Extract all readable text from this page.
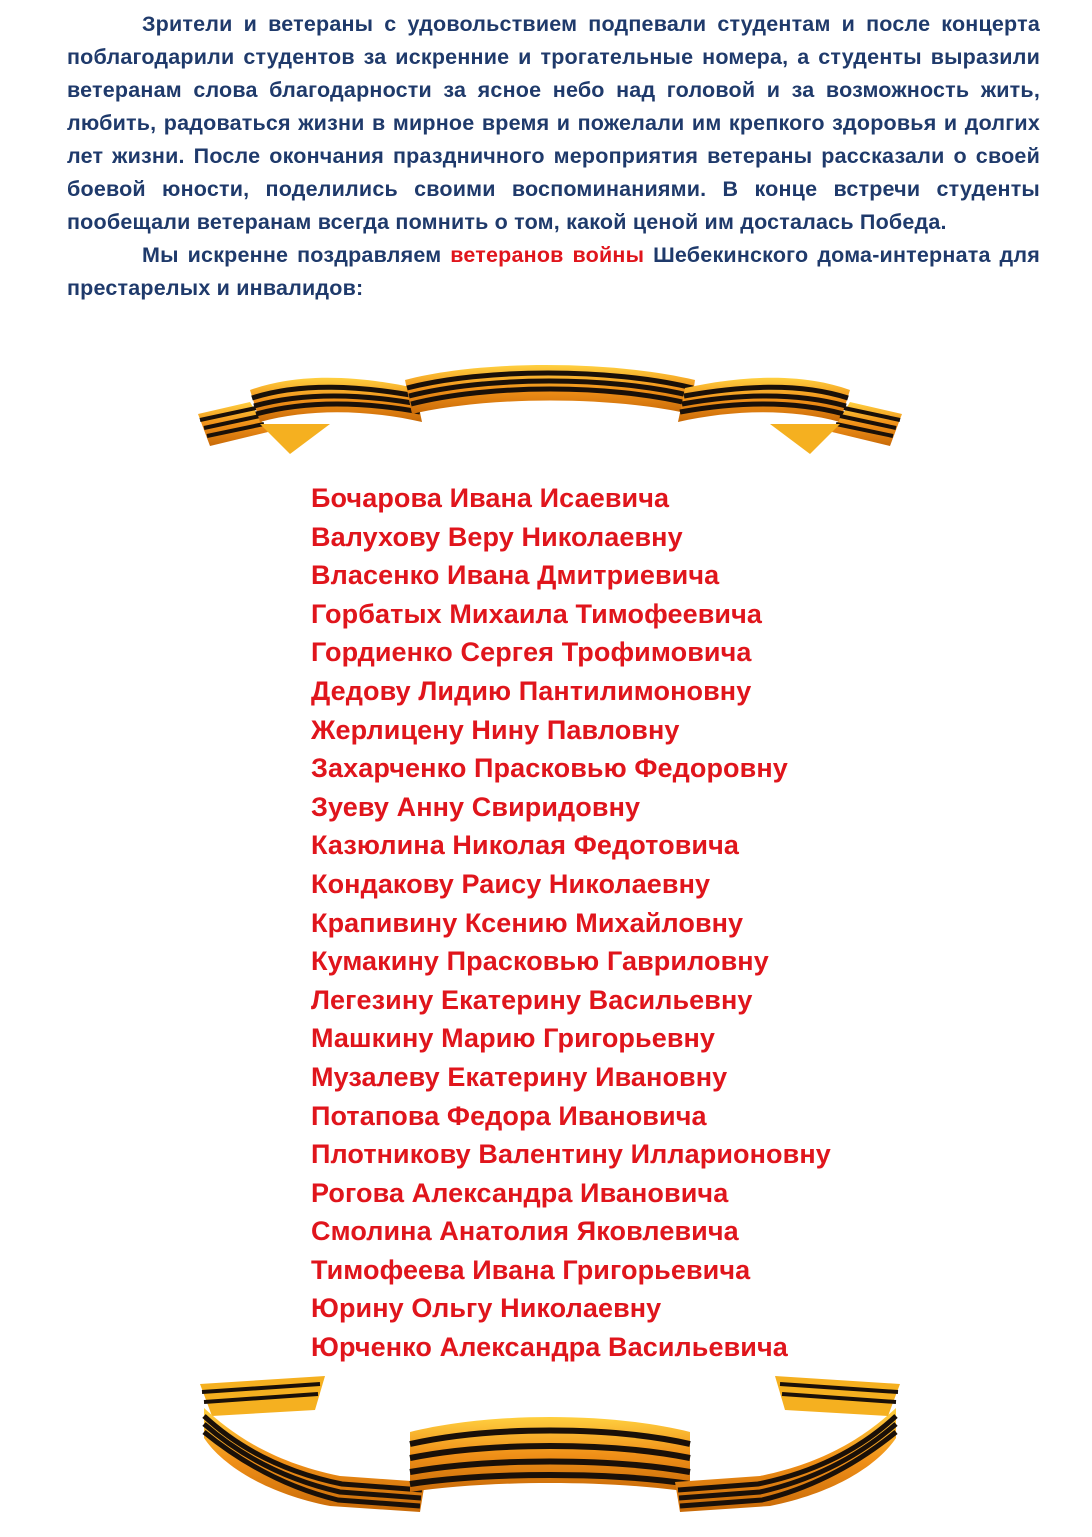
Зрители и ветераны с удовольствием подпевали студентам и после концерта поблагодарили студентов за искренние и трогательные номера, а студенты выразили ветеранам слова благодарности за ясное небо над головой и за возможность жить, любить, радоваться жизни в мирное время и пожелали им крепкого здоровья и долгих лет жизни. После окончания праздничного мероприятия ветераны рассказали о своей боевой юности, поделились своими воспоминаниями. В конце встречи студенты пообещали ветеранам всегда помнить о том, какой ценой им досталась Победа.

Мы искренне поздравляем ветеранов войны Шебекинского дома-интерната для престарелых и инвалидов:

Бочарова Ивана Исаевича
Валухову Веру Николаевну
Власенко Ивана Дмитриевича
Горбатых Михаила Тимофеевича
Гордиенко Сергея Трофимовича
Дедову Лидию Пантилимоновну
Жерлицену Нину Павловну
Захарченко Прасковью Федоровну
Зуеву Анну Свиридовну
Казюлина Николая Федотовича
Кондакову Раису Николаевну
Крапивину Ксению Михайловну
Кумакину Прасковью Гавриловну
Легезину Екатерину Васильевну
Машкину Марию Григорьевну
Музалеву Екатерину Ивановну
Потапова Федора Ивановича
Плотникову Валентину Илларионовну
Рогова Александра Ивановича
Смолина Анатолия Яковлевича
Тимофеева Ивана Григорьевича
Юрину Ольгу Николаевну
Юрченко Александра Васильевича
